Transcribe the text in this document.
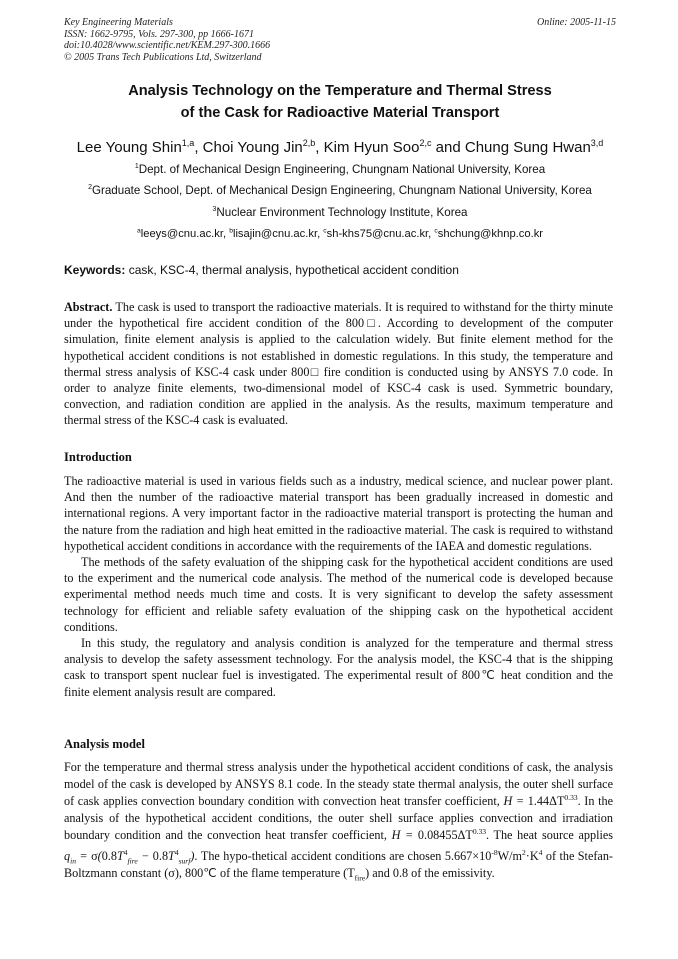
Key Engineering Materials
ISSN: 1662-9795, Vols. 297-300, pp 1666-1671
doi:10.4028/www.scientific.net/KEM.297-300.1666
© 2005 Trans Tech Publications Ltd, Switzerland
Online: 2005-11-15
Analysis Technology on the Temperature and Thermal Stress
of the Cask for Radioactive Material Transport
Lee Young Shin$^{1,a}$, Choi Young Jin$^{2,b}$, Kim Hyun Soo$^{2,c}$ and Chung Sung Hwan$^{3,d}$
$^1$Dept. of Mechanical Design Engineering, Chungnam National University, Korea
$^2$Graduate School, Dept. of Mechanical Design Engineering, Chungnam National University, Korea
$^3$Nuclear Environment Technology Institute, Korea
$^a$leeys@cnu.ac.kr, $^b$lisajin@cnu.ac.kr, $^c$sh-khs75@cnu.ac.kr, $^c$shchung@khnp.co.kr
Keywords: cask, KSC-4, thermal analysis, hypothetical accident condition

Abstract. The cask is used to transport the radioactive materials. It is required to withstand for the thirty minute under the hypothetical fire accident condition of the 800□. According to development of the computer simulation, finite element analysis is applied to the calculation widely. But finite element method for the hypothetical accident conditions is not established in domestic regulations. In this study, the temperature and thermal stress analysis of KSC-4 cask under 800□ fire condition is conducted using by ANSYS 7.0 code. In order to analyze finite elements, two-dimensional model of KSC-4 cask is used. Symmetric boundary, convection, and radiation condition are applied in the analysis. As the results, maximum temperature and thermal stress of the KSC-4 cask is evaluated.

Introduction

The radioactive material is used in various fields such as a industry, medical science, and nuclear power plant. And then the number of the radioactive material transport has been gradually increased in domestic and international regions. A very important factor in the radioactive material transport is protecting the human and the nature from the radiation and high heat emitted in the radioactive material. The cask is required to withstand hypothetical accident conditions in accordance with the requirements of the IAEA and domestic regulations.

The methods of the safety evaluation of the shipping cask for the hypothetical accident conditions are used to the experiment and the numerical code analysis. The method of the numerical code is developed because experimental method needs much time and costs. It is very significant to develop the safety assessment technology for efficient and reliable safety evaluation of the shipping cask on the hypothetical accident conditions.

In this study, the regulatory and analysis condition is analyzed for the temperature and thermal stress analysis to develop the safety assessment technology. For the analysis model, the KSC-4 that is the shipping cask to transport spent nuclear fuel is investigated. The experimental result of 800℃ heat condition and the finite element analysis result are compared.

Analysis model

For the temperature and thermal stress analysis under the hypothetical accident conditions of cask, the analysis model of the cask is developed by ANSYS 8.1 code. In the steady state thermal analysis, the outer shell surface of cask applies convection boundary condition with convection heat transfer coefficient, $H = 1.44\Delta T^{0.33}$. In the analysis of the hypothetical accident conditions, the outer shell surface applies convection and irradiation boundary condition and the convection heat transfer coefficient, $H = 0.08455\Delta T^{0.33}$. The heat source applies $q_{in} = \sigma(0.8T^4_{fire} - 0.8T^4_{surf})$. The hypo-thetical accident conditions are chosen $5.667\times 10^{-8}W/m^2\cdot K^4$ of the Stefan-Boltzmann constant (σ), 800℃ of the flame temperature $(T_{fire})$ and 0.8 of the emissivity.
